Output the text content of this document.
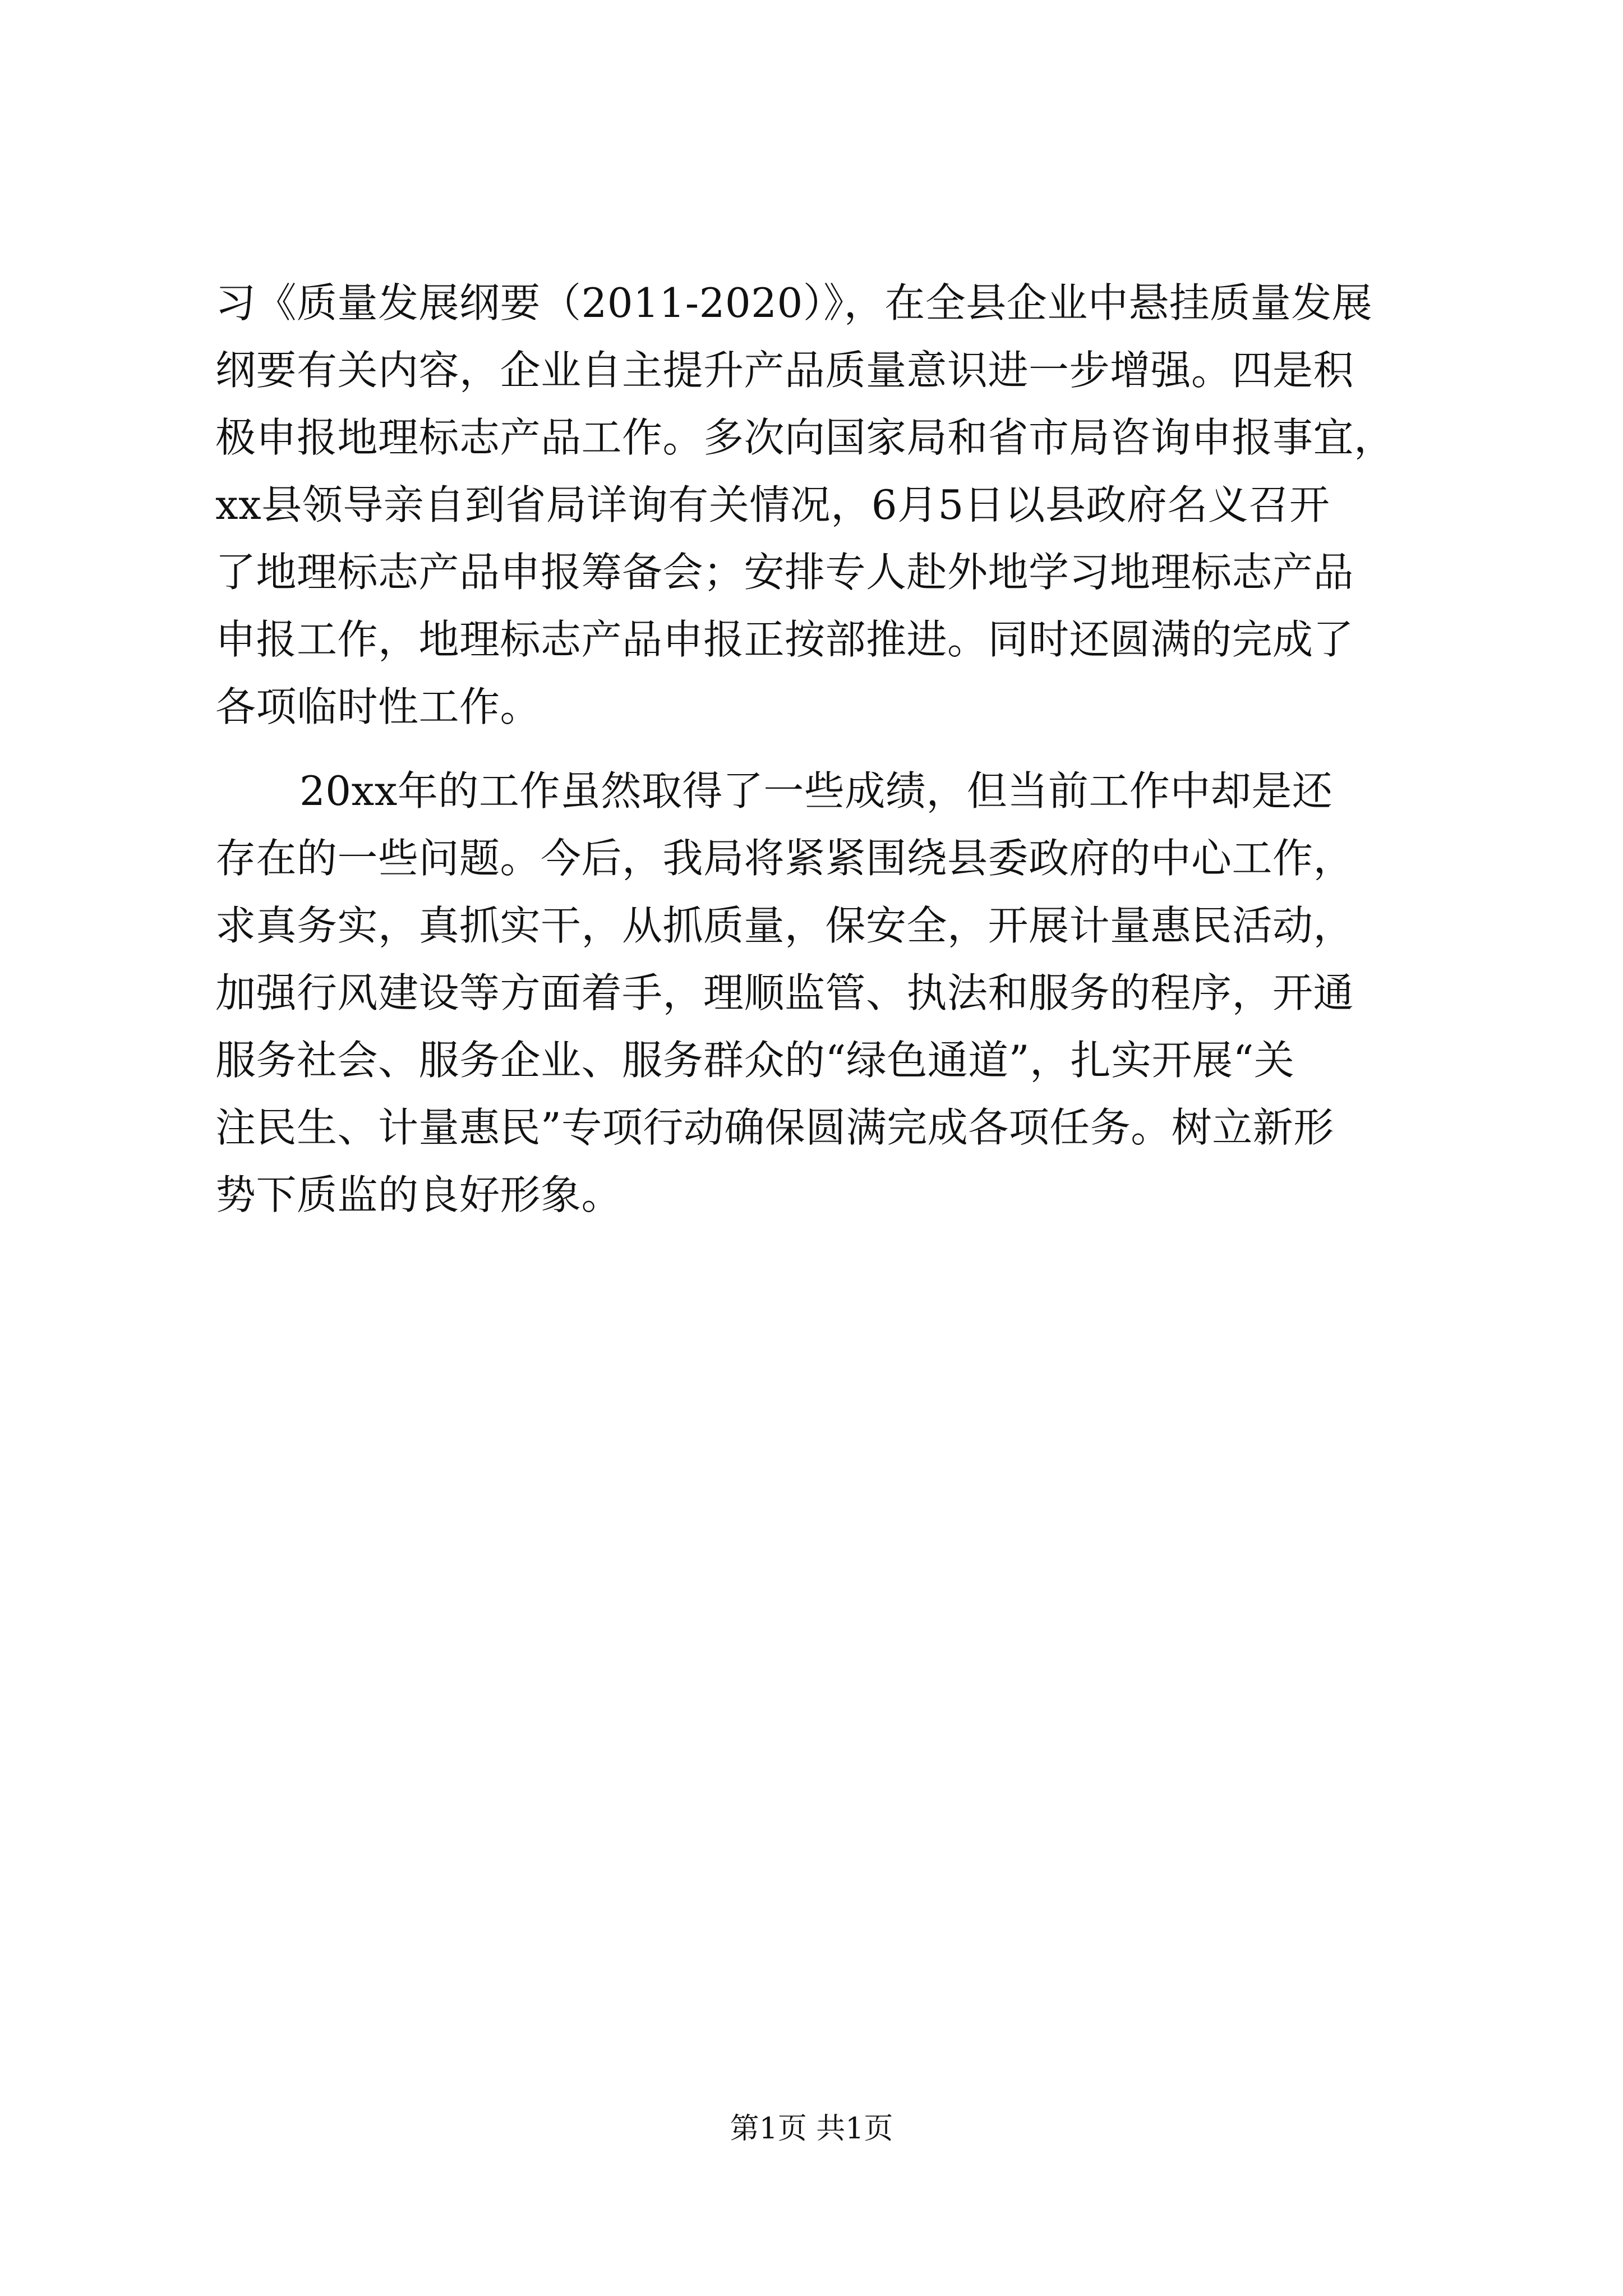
习《质量发展纲要（2011-2020）》，在全县企业中悬挂质量发展
纲要有关内容，企业自主提升产品质量意识进一步增强。四是积
极申报地理标志产品工作。多次向国家局和省市局咨询申报事宜，
xx县领导亲自到省局详询有关情况，6月5日以县政府名义召开
了地理标志产品申报筹备会；安排专人赴外地学习地理标志产品
申报工作，地理标志产品申报正按部推进。同时还圆满的完成了
各项临时性工作。
20xx年的工作虽然取得了一些成绩，但当前工作中却是还
存在的一些问题。今后，我局将紧紧围绕县委政府的中心工作，
求真务实，真抓实干，从抓质量，保安全，开展计量惠民活动，
加强行风建设等方面着手，理顺监管、执法和服务的程序，开通
服务社会、服务企业、服务群众的“绿色通道”，扎实开展“关
注民生、计量惠民”专项行动确保圆满完成各项任务。树立新形
势下质监的良好形象。
第1页 共1页
